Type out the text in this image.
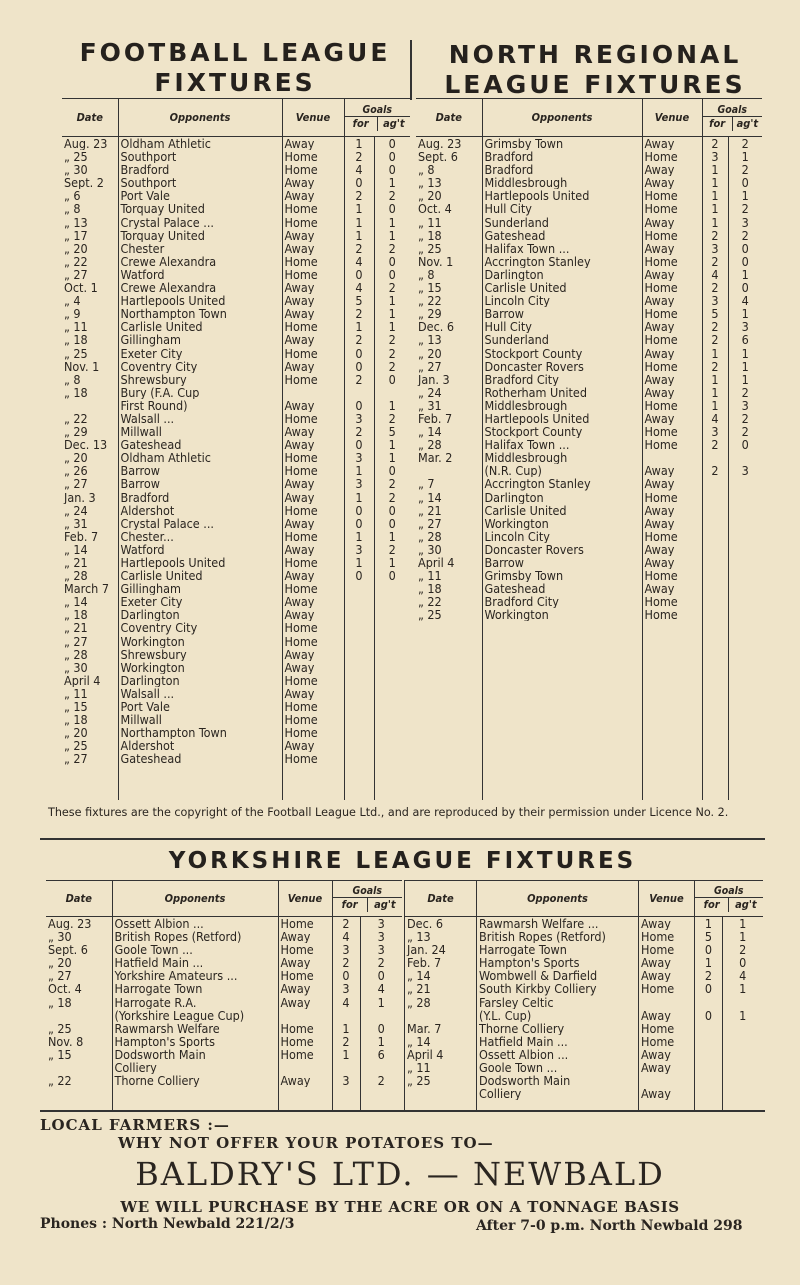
FOOTBALL LEAGUE
FIXTURES
NORTH REGIONAL
LEAGUE FIXTURES
Date	Opponents	Venue	Goals
for ag't	

Aug. 23	Oldham Athletic	Away	1	0
„ 25	Southport	Home	2	0
„ 30	Bradford	Home	4	0
Sept. 2	Southport	Away	0	1
„ 6	Port Vale	Away	2	2
„ 8	Torquay United	Home	1	0
„ 13	Crystal Palace ...	Home	1	1
„ 17	Torquay United	Away	1	1
„ 20	Chester	Away	2	2
„ 22	Crewe Alexandra	Home	4	0
„ 27	Watford	Home	0	0
Oct. 1	Crewe Alexandra	Away	4	2
„ 4	Hartlepools United	Away	5	1
„ 9	Northampton Town	Away	2	1
„ 11	Carlisle United	Home	1	1
„ 18	Gillingham	Away	2	2
„ 25	Exeter City	Home	0	2
Nov. 1	Coventry City	Away	0	2
„ 8	Shrewsbury	Home	2	0
„ 18	Bury (F.A. Cup			
	First Round)	Away	0	1
„ 22	Walsall ...	Home	3	2
„ 29	Millwall	Away	2	5
Dec. 13	Gateshead	Away	0	1
„ 20	Oldham Athletic	Home	3	1
„ 26	Barrow	Home	1	0
„ 27	Barrow	Away	3	2
Jan. 3	Bradford	Away	1	2
„ 24	Aldershot	Home	0	0
„ 31	Crystal Palace ...	Away	0	0
Feb. 7	Chester...	Home	1	1
„ 14	Watford	Away	3	2
„ 21	Hartlepools United	Home	1	1
„ 28	Carlisle United	Away	0	0
March 7	Gillingham	Home		
„ 14	Exeter City	Away		
„ 18	Darlington	Away		
„ 21	Coventry City	Home		
„ 27	Workington	Home		
„ 28	Shrewsbury	Away		
„ 30	Workington	Away		
April 4	Darlington	Home		
„ 11	Walsall ...	Away		
„ 15	Port Vale	Home		
„ 18	Millwall	Home		
„ 20	Northampton Town	Home		
„ 25	Aldershot	Away		
„ 27	Gateshead	Home		

Date	Opponents	Venue	Goals
for ag't	

Aug. 23	Grimsby Town	Away	2	2
Sept. 6	Bradford	Home	3	1
„ 8	Bradford	Away	1	2
„ 13	Middlesbrough	Away	1	0
„ 20	Hartlepools United	Home	1	1
Oct. 4	Hull City	Home	1	2
„ 11	Sunderland	Away	1	3
„ 18	Gateshead	Home	2	2
„ 25	Halifax Town ...	Away	3	0
Nov. 1	Accrington Stanley	Home	2	0
„ 8	Darlington	Away	4	1
„ 15	Carlisle United	Home	2	0
„ 22	Lincoln City	Away	3	4
„ 29	Barrow	Home	5	1
Dec. 6	Hull City	Away	2	3
„ 13	Sunderland	Home	2	6
„ 20	Stockport County	Away	1	1
„ 27	Doncaster Rovers	Home	2	1
Jan. 3	Bradford City	Away	1	1
„ 24	Rotherham United	Away	1	2
„ 31	Middlesbrough	Home	1	3
Feb. 7	Hartlepools United	Away	4	2
„ 14	Stockport County	Home	3	2
„ 28	Halifax Town ...	Home	2	0
Mar. 2	Middlesbrough			
	(N.R. Cup)	Away	2	3
„ 7	Accrington Stanley	Away		
„ 14	Darlington	Home		
„ 21	Carlisle United	Away		
„ 27	Workington	Away		
„ 28	Lincoln City	Home		
„ 30	Doncaster Rovers	Away		
April 4	Barrow	Away		
„ 11	Grimsby Town	Home		
„ 18	Gateshead	Away		
„ 22	Bradford City	Home		
„ 25	Workington	Home		

These fixtures are the copyright of the Football League Ltd., and are reproduced by their permission under Licence No. 2.
YORKSHIRE LEAGUE FIXTURES
Date	Opponents	Venue	Goals
for ag't	

Aug. 23	Ossett Albion ...	Home	2	3
„ 30	British Ropes (Retford)	Away	4	3
Sept. 6	Goole Town ...	Home	3	3
„ 20	Hatfield Main ...	Away	2	2
„ 27	Yorkshire Amateurs ...	Home	0	0
Oct. 4	Harrogate Town	Away	3	4
„ 18	Harrogate R.A.	Away	4	1
	(Yorkshire League Cup)			
„ 25	Rawmarsh Welfare	Home	1	0
Nov. 8	Hampton's Sports	Home	2	1
„ 15	Dodsworth Main	Home	1	6
	Colliery			
„ 22	Thorne Colliery	Away	3	2

Date	Opponents	Venue	Goals
for ag't	

Dec. 6	Rawmarsh Welfare ...	Away	1	1
„ 13	British Ropes (Retford)	Home	5	1
Jan. 24	Harrogate Town	Home	0	2
Feb. 7	Hampton's Sports	Away	1	0
„ 14	Wombwell & Darfield	Away	2	4
„ 21	South Kirkby Colliery	Home	0	1
„ 28	Farsley Celtic			
	(Y.L. Cup)	Away	0	1
Mar. 7	Thorne Colliery	Home		
„ 14	Hatfield Main ...	Home		
April 4	Ossett Albion ...	Away		
„ 11	Goole Town ...	Away		
„ 25	Dodsworth Main			
	Colliery	Away		

LOCAL FARMERS :—
WHY NOT OFFER YOUR POTATOES TO—
BALDRY'S LTD. — NEWBALD
WE WILL PURCHASE BY THE ACRE OR ON A TONNAGE BASIS
Phones : North Newbald 221/2/3	After 7-0 p.m. North Newbald 298
